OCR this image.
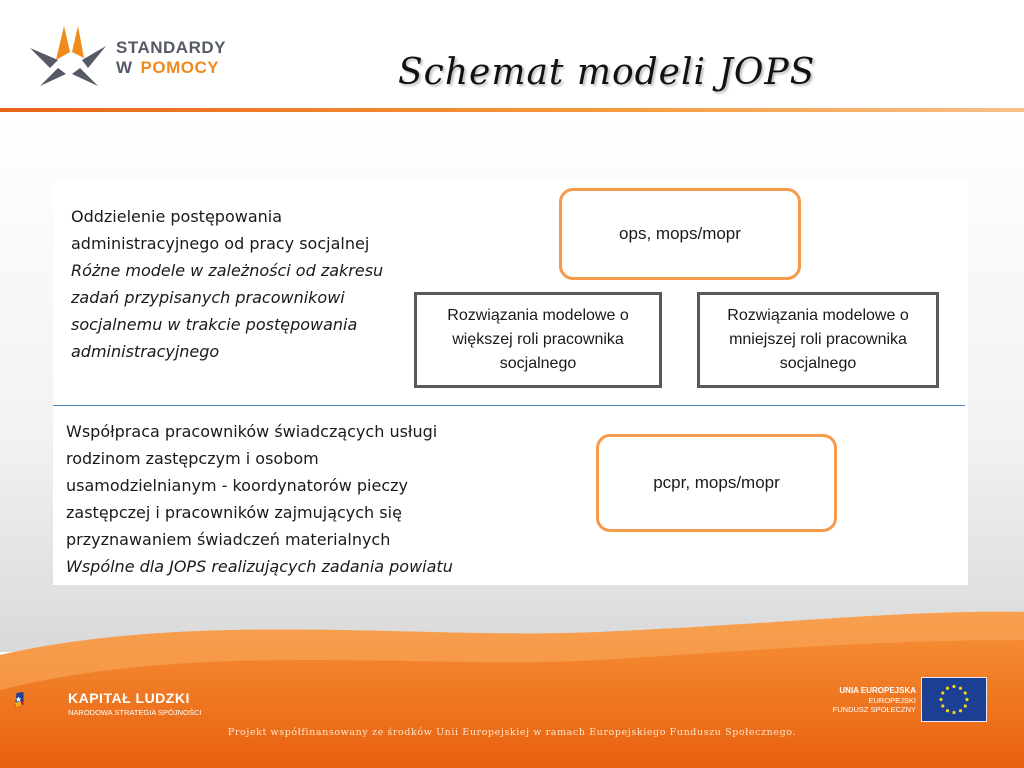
STANDARDY
W POMOCY	Schemat modeli JOPS
Oddzielenie postępowania
administracyjnego od pracy socjalnej
Różne modele w zależności od zakresu
zadań przypisanych pracownikowi
socjalnemu w trakcie postępowania
administracyjnego
ops, mops/mopr
Rozwiązania modelowe o większej roli pracownika socjalnego
Rozwiązania modelowe o mniejszej roli pracownika socjalnego
Współpraca pracowników świadczących usługi
rodzinom zastępczym i osobom
usamodzielnianym - koordynatorów pieczy
zastępczej i pracowników zajmujących się
przyznawaniem świadczeń materialnych
Wspólne dla JOPS realizujących zadania powiatu
pcpr, mops/mopr
KAPITAŁ LUDZKI
NARODOWA STRATEGIA SPÓJNOŚCI
UNIA EUROPEJSKA
EUROPEJSKI
FUNDUSZ SPOŁECZNY
Projekt współfinansowany ze środków Unii Europejskiej w ramach Europejskiego Funduszu Społecznego.
